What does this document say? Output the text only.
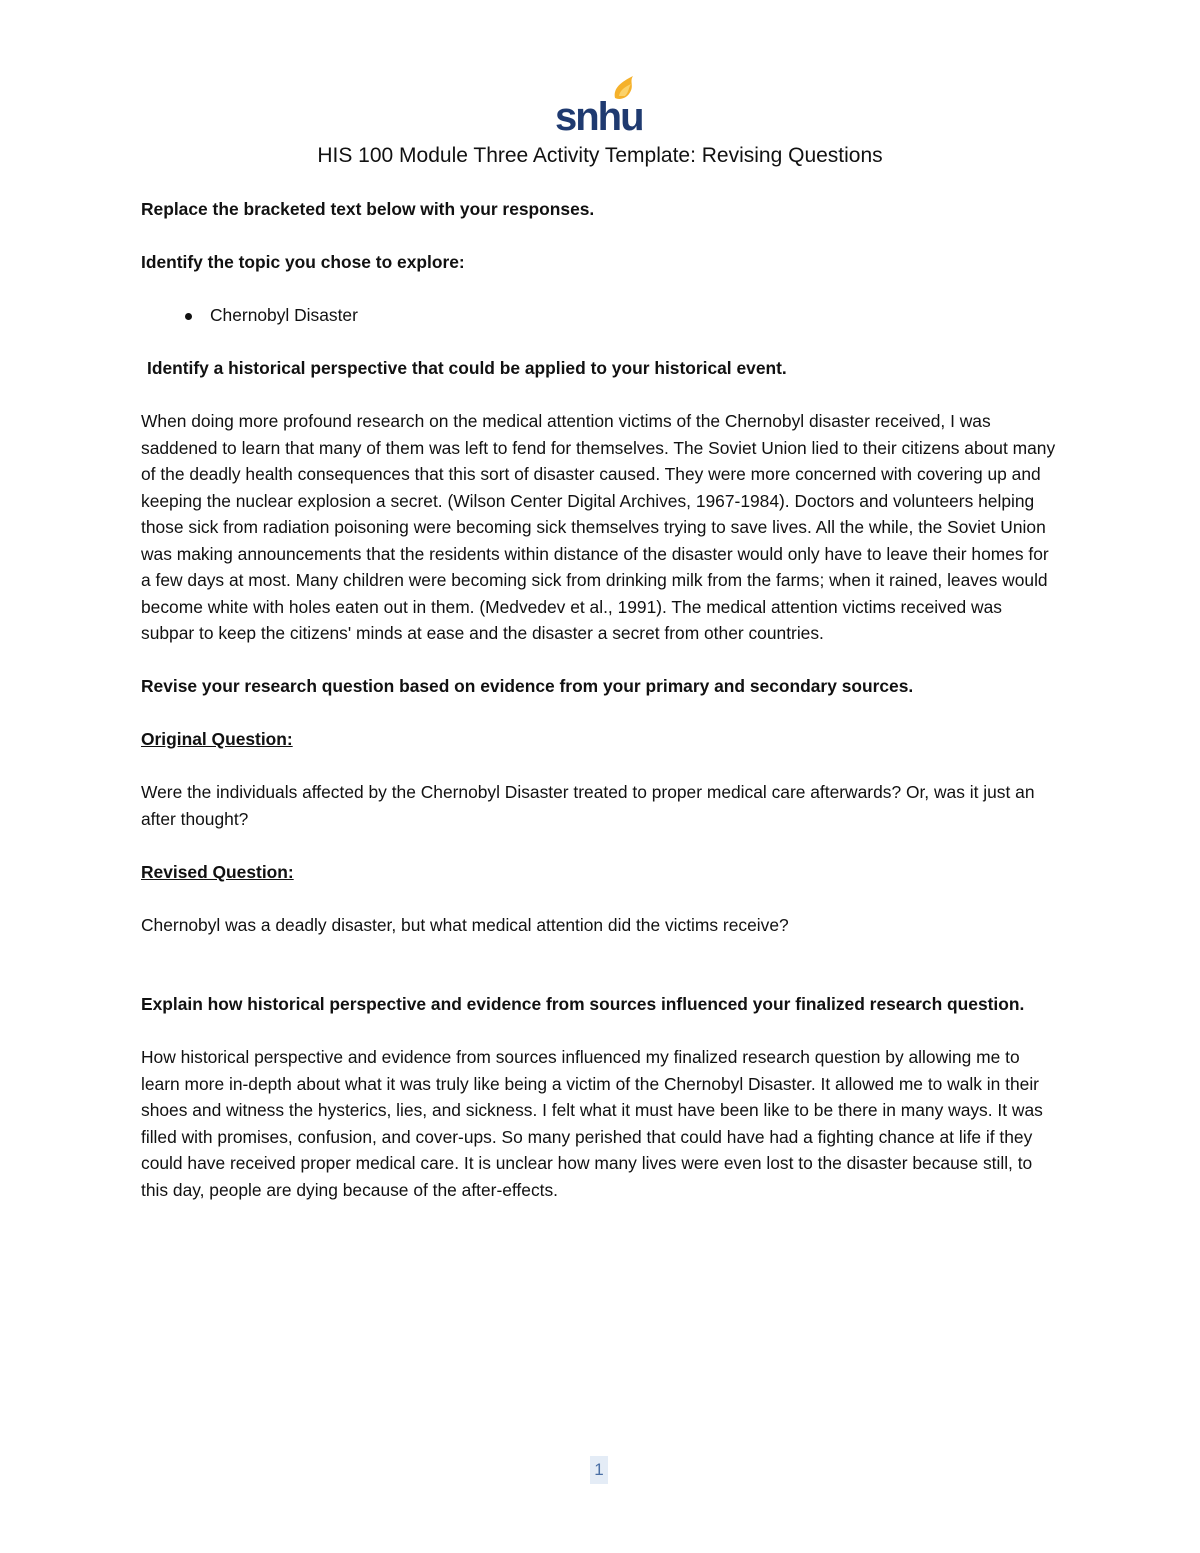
snhu
HIS 100 Module Three Activity Template: Revising Questions

Replace the bracketed text below with your responses.

Identify the topic you chose to explore:

Chernobyl Disaster

Identify a historical perspective that could be applied to your historical event.

When doing more profound research on the medical attention victims of the Chernobyl disaster received, I was saddened to learn that many of them was left to fend for themselves. The Soviet Union lied to their citizens about many of the deadly health consequences that this sort of disaster caused. They were more concerned with covering up and keeping the nuclear explosion a secret. (Wilson Center Digital Archives, 1967-1984). Doctors and volunteers helping those sick from radiation poisoning were becoming sick themselves trying to save lives. All the while, the Soviet Union was making announcements that the residents within distance of the disaster would only have to leave their homes for a few days at most. Many children were becoming sick from drinking milk from the farms; when it rained, leaves would become white with holes eaten out in them. (Medvedev et al., 1991). The medical attention victims received was subpar to keep the citizens' minds at ease and the disaster a secret from other countries.

Revise your research question based on evidence from your primary and secondary sources.

Original Question:

Were the individuals affected by the Chernobyl Disaster treated to proper medical care afterwards? Or, was it just an after thought?

Revised Question:

Chernobyl was a deadly disaster, but what medical attention did the victims receive?

Explain how historical perspective and evidence from sources influenced your finalized research question.

How historical perspective and evidence from sources influenced my finalized research question by allowing me to learn more in-depth about what it was truly like being a victim of the Chernobyl Disaster. It allowed me to walk in their shoes and witness the hysterics, lies, and sickness. I felt what it must have been like to be there in many ways. It was filled with promises, confusion, and cover-ups. So many perished that could have had a fighting chance at life if they could have received proper medical care. It is unclear how many lives were even lost to the disaster because still, to this day, people are dying because of the after-effects.

1
